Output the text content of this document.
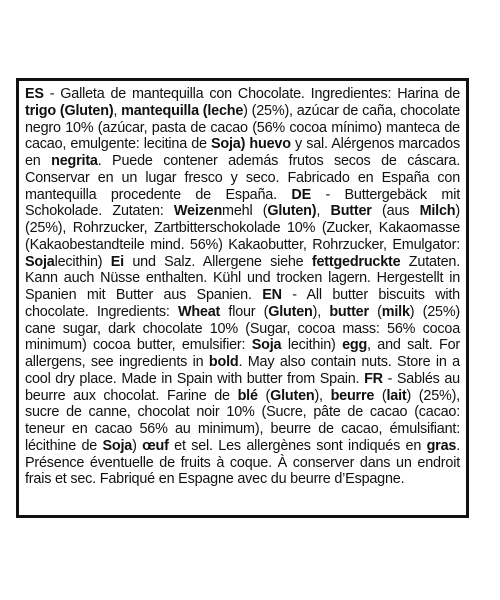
ES - Galleta de mantequilla con Chocolate. Ingredientes: Harina de trigo (Gluten), mantequilla (leche) (25%), azúcar de caña, chocolate negro 10% (azúcar, pasta de cacao (56% cocoa mínimo) manteca de cacao, emulgente: lecitina de Soja) huevo y sal. Alérgenos marcados en negrita. Puede contener además frutos secos de cáscara. Conservar en un lugar fresco y seco. Fabricado en España con mantequilla procedente de España. DE - Buttergebäck mit Schokolade. Zutaten: Weizenmehl (Gluten), Butter (aus Milch) (25%), Rohrzucker, Zartbitterschokolade 10% (Zucker, Kakaomasse (Kakaobestandteile mind. 56%) Kakaobutter, Rohrzucker, Emulgator: Sojalecithin) Ei und Salz. Allergene siehe fettgedruckte Zutaten. Kann auch Nüsse enthalten. Kühl und trocken lagern. Hergestellt in Spanien mit Butter aus Spanien. EN - All butter biscuits with chocolate. Ingredients: Wheat flour (Gluten), butter (milk) (25%) cane sugar, dark chocolate 10% (Sugar, cocoa mass: 56% cocoa minimum) cocoa butter, emulsifier: Soja lecithin) egg, and salt. For allergens, see ingredients in bold. May also contain nuts. Store in a cool dry place. Made in Spain with butter from Spain. FR - Sablés au beurre aux chocolat. Farine de blé (Gluten), beurre (lait) (25%), sucre de canne, chocolat noir 10% (Sucre, pâte de cacao (cacao: teneur en cacao 56% au minimum), beurre de cacao, émulsifiant: lécithine de Soja) œuf et sel. Les allergènes sont indiqués en gras. Présence éventuelle de fruits à coque. À conserver dans un endroit frais et sec. Fabriqué en Espagne avec du beurre d’Espagne.
